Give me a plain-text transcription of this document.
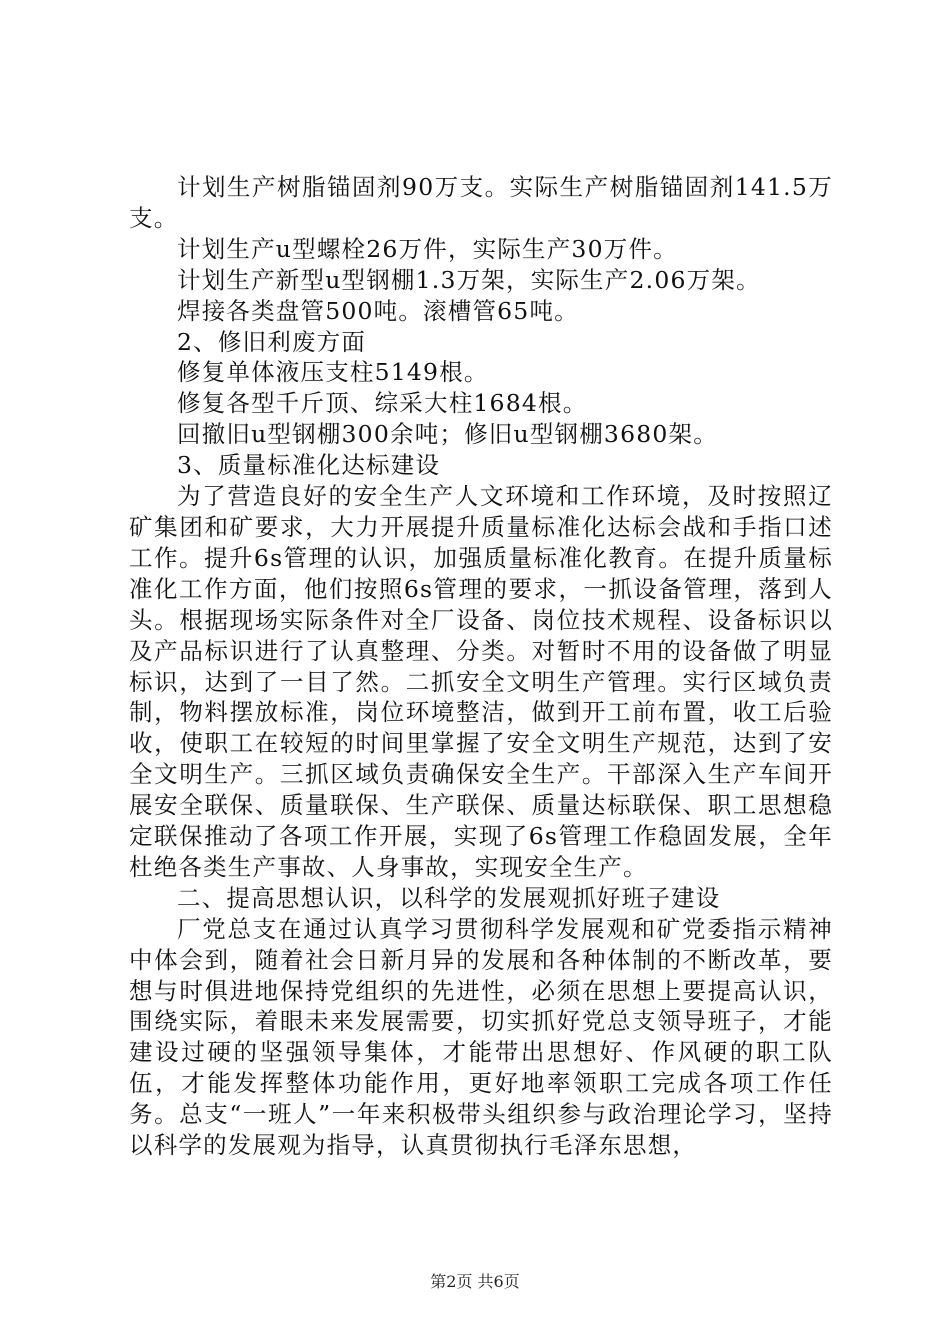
计划生产树脂锚固剂90万支。实际生产树脂锚固剂141.5万支。

计划生产u型螺栓26万件，实际生产30万件。

计划生产新型u型钢棚1.3万架，实际生产2.06万架。

焊接各类盘管500吨。滚槽管65吨。

2、修旧利废方面

修复单体液压支柱5149根。

修复各型千斤顶、综采大柱1684根。

回撤旧u型钢棚300余吨；修旧u型钢棚3680架。

3、质量标准化达标建设

为了营造良好的安全生产人文环境和工作环境，及时按照辽矿集团和矿要求，大力开展提升质量标准化达标会战和手指口述工作。提升6s管理的认识，加强质量标准化教育。在提升质量标准化工作方面，他们按照6s管理的要求，一抓设备管理，落到人头。根据现场实际条件对全厂设备、岗位技术规程、设备标识以及产品标识进行了认真整理、分类。对暂时不用的设备做了明显标识，达到了一目了然。二抓安全文明生产管理。实行区域负责制，物料摆放标准，岗位环境整洁，做到开工前布置，收工后验收，使职工在较短的时间里掌握了安全文明生产规范，达到了安全文明生产。三抓区域负责确保安全生产。干部深入生产车间开展安全联保、质量联保、生产联保、质量达标联保、职工思想稳定联保推动了各项工作开展，实现了6s管理工作稳固发展，全年杜绝各类生产事故、人身事故，实现安全生产。

二、提高思想认识，以科学的发展观抓好班子建设

厂党总支在通过认真学习贯彻科学发展观和矿党委指示精神中体会到，随着社会日新月异的发展和各种体制的不断改革，要想与时俱进地保持党组织的先进性，必须在思想上要提高认识，围绕实际，着眼未来发展需要，切实抓好党总支领导班子，才能建设过硬的坚强领导集体，才能带出思想好、作风硬的职工队伍，才能发挥整体功能作用，更好地率领职工完成各项工作任务。总支“一班人”一年来积极带头组织参与政治理论学习，坚持以科学的发展观为指导，认真贯彻执行毛泽东思想，

第2页 共6页
